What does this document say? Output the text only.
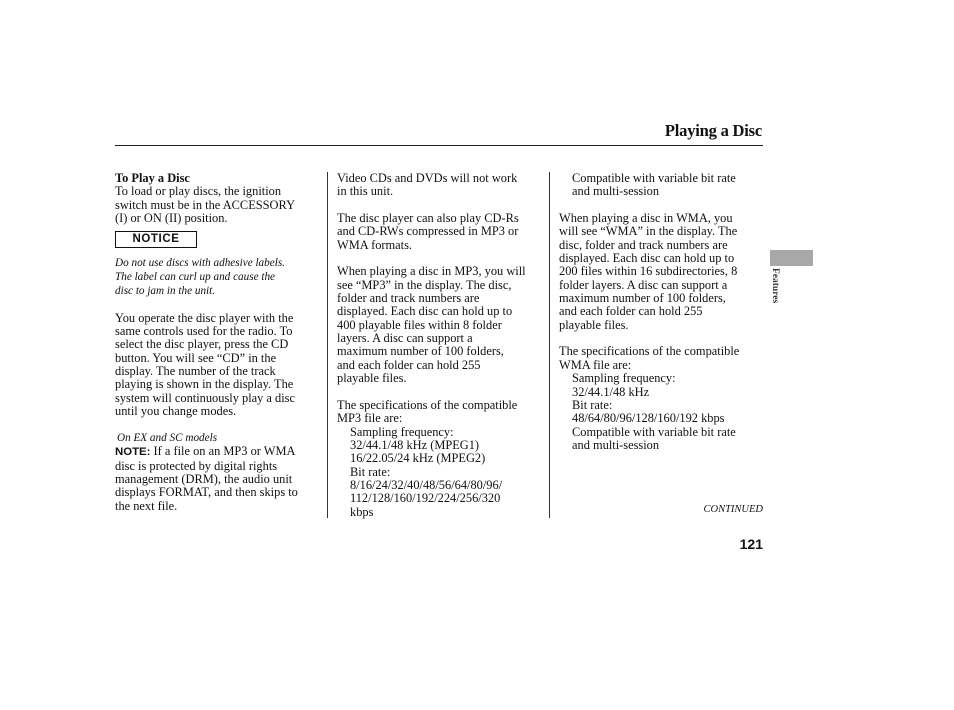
Playing a Disc
Features

To Play a Disc

To load or play discs, the ignition
switch must be in the ACCESSORY
(I) or ON (II) position.

NOTICE

Do not use discs with adhesive labels.
The label can curl up and cause the
disc to jam in the unit.

You operate the disc player with the
same controls used for the radio. To
select the disc player, press the CD
button. You will see “CD” in the
display. The number of the track
playing is shown in the display. The
system will continuously play a disc
until you change modes.

On EX and SC models

NOTE: If a file on an MP3 or WMA
disc is protected by digital rights
management (DRM), the audio unit
displays FORMAT, and then skips to
the next file.

Video CDs and DVDs will not work
in this unit.

The disc player can also play CD-Rs
and CD-RWs compressed in MP3 or
WMA formats.

When playing a disc in MP3, you will
see “MP3” in the display. The disc,
folder and track numbers are
displayed. Each disc can hold up to
400 playable files within 8 folder
layers. A disc can support a
maximum number of 100 folders,
and each folder can hold 255
playable files.

The specifications of the compatible
MP3 file are:

Sampling frequency:
32/44.1/48 kHz (MPEG1)
16/22.05/24 kHz (MPEG2)
Bit rate:
8/16/24/32/40/48/56/64/80/96/
112/128/160/192/224/256/320
kbps

Compatible with variable bit rate
and multi-session

When playing a disc in WMA, you
will see “WMA” in the display. The
disc, folder and track numbers are
displayed. Each disc can hold up to
200 files within 16 subdirectories, 8
folder layers. A disc can support a
maximum number of 100 folders,
and each folder can hold 255
playable files.

The specifications of the compatible
WMA file are:

Sampling frequency:
32/44.1/48 kHz
Bit rate:
48/64/80/96/128/160/192 kbps
Compatible with variable bit rate
and multi-session

CONTINUED
121
